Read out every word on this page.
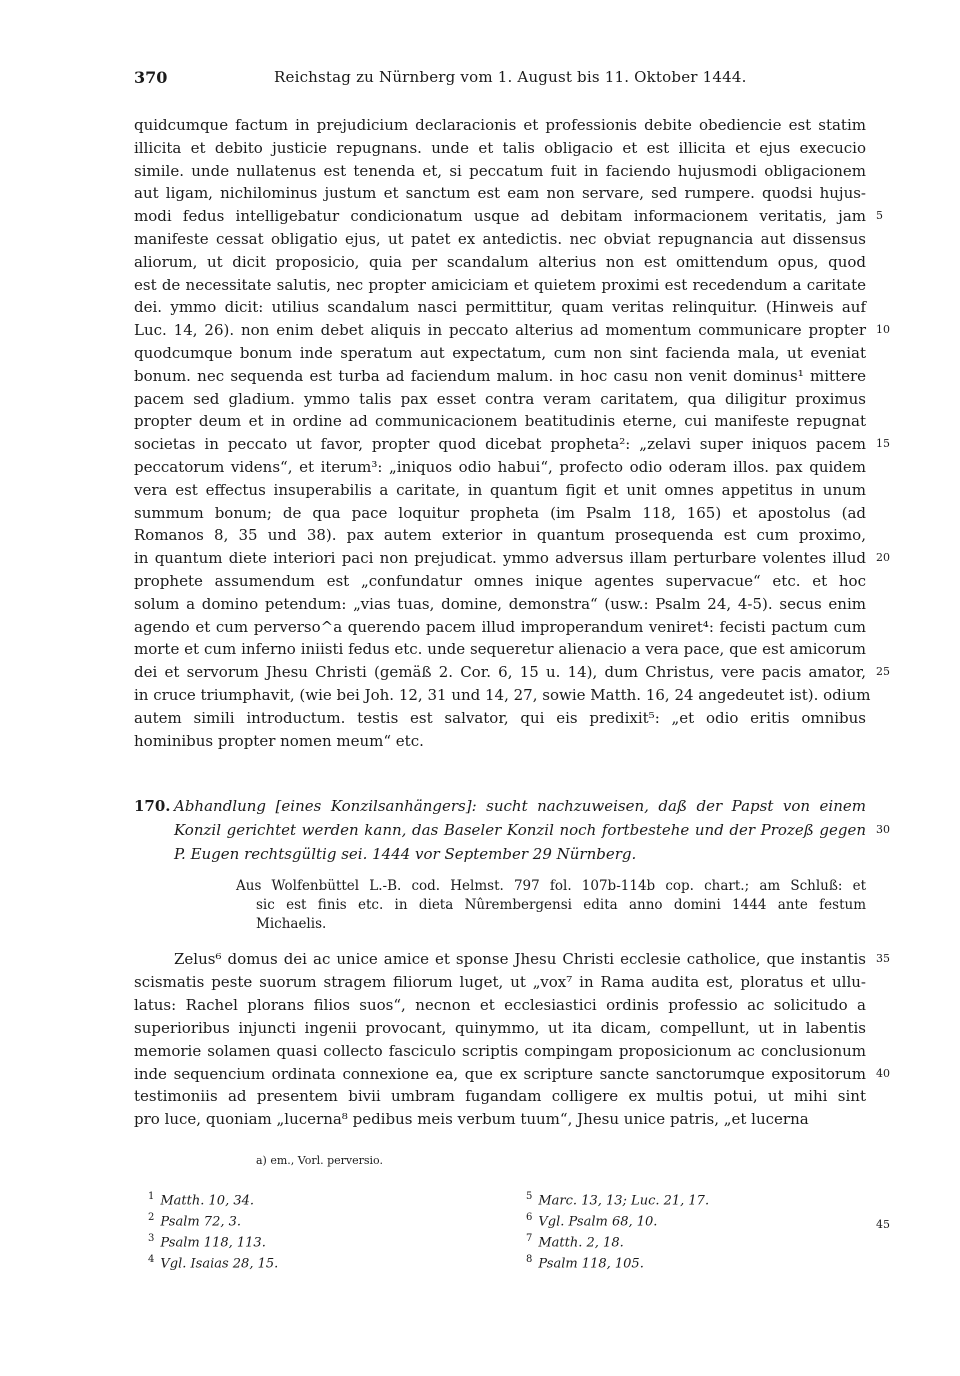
370	Reichstag zu Nürnberg vom 1. August bis 11. Oktober 1444.
quidcumque factum in prejudicium declaracionis et professionis debite obediencie est statim
illicita et debito justicie repugnans. unde et talis obligacio et est illicita et ejus execucio
simile. unde nullatenus est tenenda et, si peccatum fuit in faciendo hujusmodi obligacionem
aut ligam, nichilominus justum et sanctum est eam non servare, sed rumpere. quodsi hujus-
modi fedus intelligebatur condicionatum usque ad debitam informacionem veritatis, jam
manifeste cessat obligatio ejus, ut patet ex antedictis. nec obviat repugnancia aut dissensus
aliorum, ut dicit proposicio, quia per scandalum alterius non est omittendum opus, quod
est de necessitate salutis, nec propter amiciciam et quietem proximi est recedendum a caritate
dei. ymmo dicit: utilius scandalum nasci permittitur, quam veritas relinquitur. (Hinweis auf
Luc. 14, 26). non enim debet aliquis in peccato alterius ad momentum communicare propter
quodcumque bonum inde speratum aut expectatum, cum non sint facienda mala, ut eveniat
bonum. nec sequenda est turba ad faciendum malum. in hoc casu non venit dominus¹ mittere
pacem sed gladium. ymmo talis pax esset contra veram caritatem, qua diligitur proximus
propter deum et in ordine ad communicacionem beatitudinis eterne, cui manifeste repugnat
societas in peccato ut favor, propter quod dicebat propheta²: „zelavi super iniquos pacem
peccatorum videns“, et iterum³: „iniquos odio habui“, profecto odio oderam illos. pax quidem
vera est effectus insuperabilis a caritate, in quantum figit et unit omnes appetitus in unum
summum bonum; de qua pace loquitur propheta (im Psalm 118, 165) et apostolus (ad
Romanos 8, 35 und 38). pax autem exterior in quantum prosequenda est cum proximo,
in quantum diete interiori paci non prejudicat. ymmo adversus illam perturbare volentes illud
prophete assumendum est „confundatur omnes inique agentes supervacue“ etc. et hoc
solum a domino petendum: „vias tuas, domine, demonstra“ (usw.: Psalm 24, 4-5). secus enim
agendo et cum perverso^a querendo pacem illud improperandum veniret⁴: fecisti pactum cum
morte et cum inferno iniisti fedus etc. unde sequeretur alienacio a vera pace, que est amicorum
dei et servorum Jhesu Christi (gemäß 2. Cor. 6, 15 u. 14), dum Christus, vere pacis amator,
in cruce triumphavit, (wie bei Joh. 12, 31 und 14, 27, sowie Matth. 16, 24 angedeutet ist). odium
autem simili introductum. testis est salvator, qui eis predixit⁵: „et odio eritis omnibus
hominibus propter nomen meum“ etc.
5
10
15
20
25
170. Abhandlung [eines Konzilsanhängers]: sucht nachzuweisen, daß der Papst von einem
Konzil gerichtet werden kann, das Baseler Konzil noch fortbestehe und der Prozeß gegen
P. Eugen rechtsgültig sei. 1444 vor September 29 Nürnberg.
30
Aus Wolfenbüttel L.-B. cod. Helmst. 797 fol. 107b-114b cop. chart.; am Schluß: et
sic est finis etc. in dieta Nûrembergensi edita anno domini 1444 ante festum
Michaelis.
Zelus⁶ domus dei ac unice amice et sponse Jhesu Christi ecclesie catholice, que instantis
scismatis peste suorum stragem filiorum luget, ut „vox⁷ in Rama audita est, ploratus et ullu-
latus: Rachel plorans filios suos“, necnon et ecclesiastici ordinis professio ac solicitudo a
superioribus injuncti ingenii provocant, quinymmo, ut ita dicam, compellunt, ut in labentis
memorie solamen quasi collecto fasciculo scriptis compingam proposicionum ac conclusionum
inde sequencium ordinata connexione ea, que ex scripture sancte sanctorumque expositorum
testimoniis ad presentem bivii umbram fugandam colligere ex multis potui, ut mihi sint
pro luce, quoniam „lucerna⁸ pedibus meis verbum tuum“, Jhesu unice patris, „et lucerna
35
40
45
a) em., Vorl. perversio.
$^1$ Matth. 10, 34.
$^2$ Psalm 72, 3.
$^3$ Psalm 118, 113.
$^4$ Vgl. Isaias 28, 15.
$^5$ Marc. 13, 13; Luc. 21, 17.
$^6$ Vgl. Psalm 68, 10.
$^7$ Matth. 2, 18.
$^8$ Psalm 118, 105.
